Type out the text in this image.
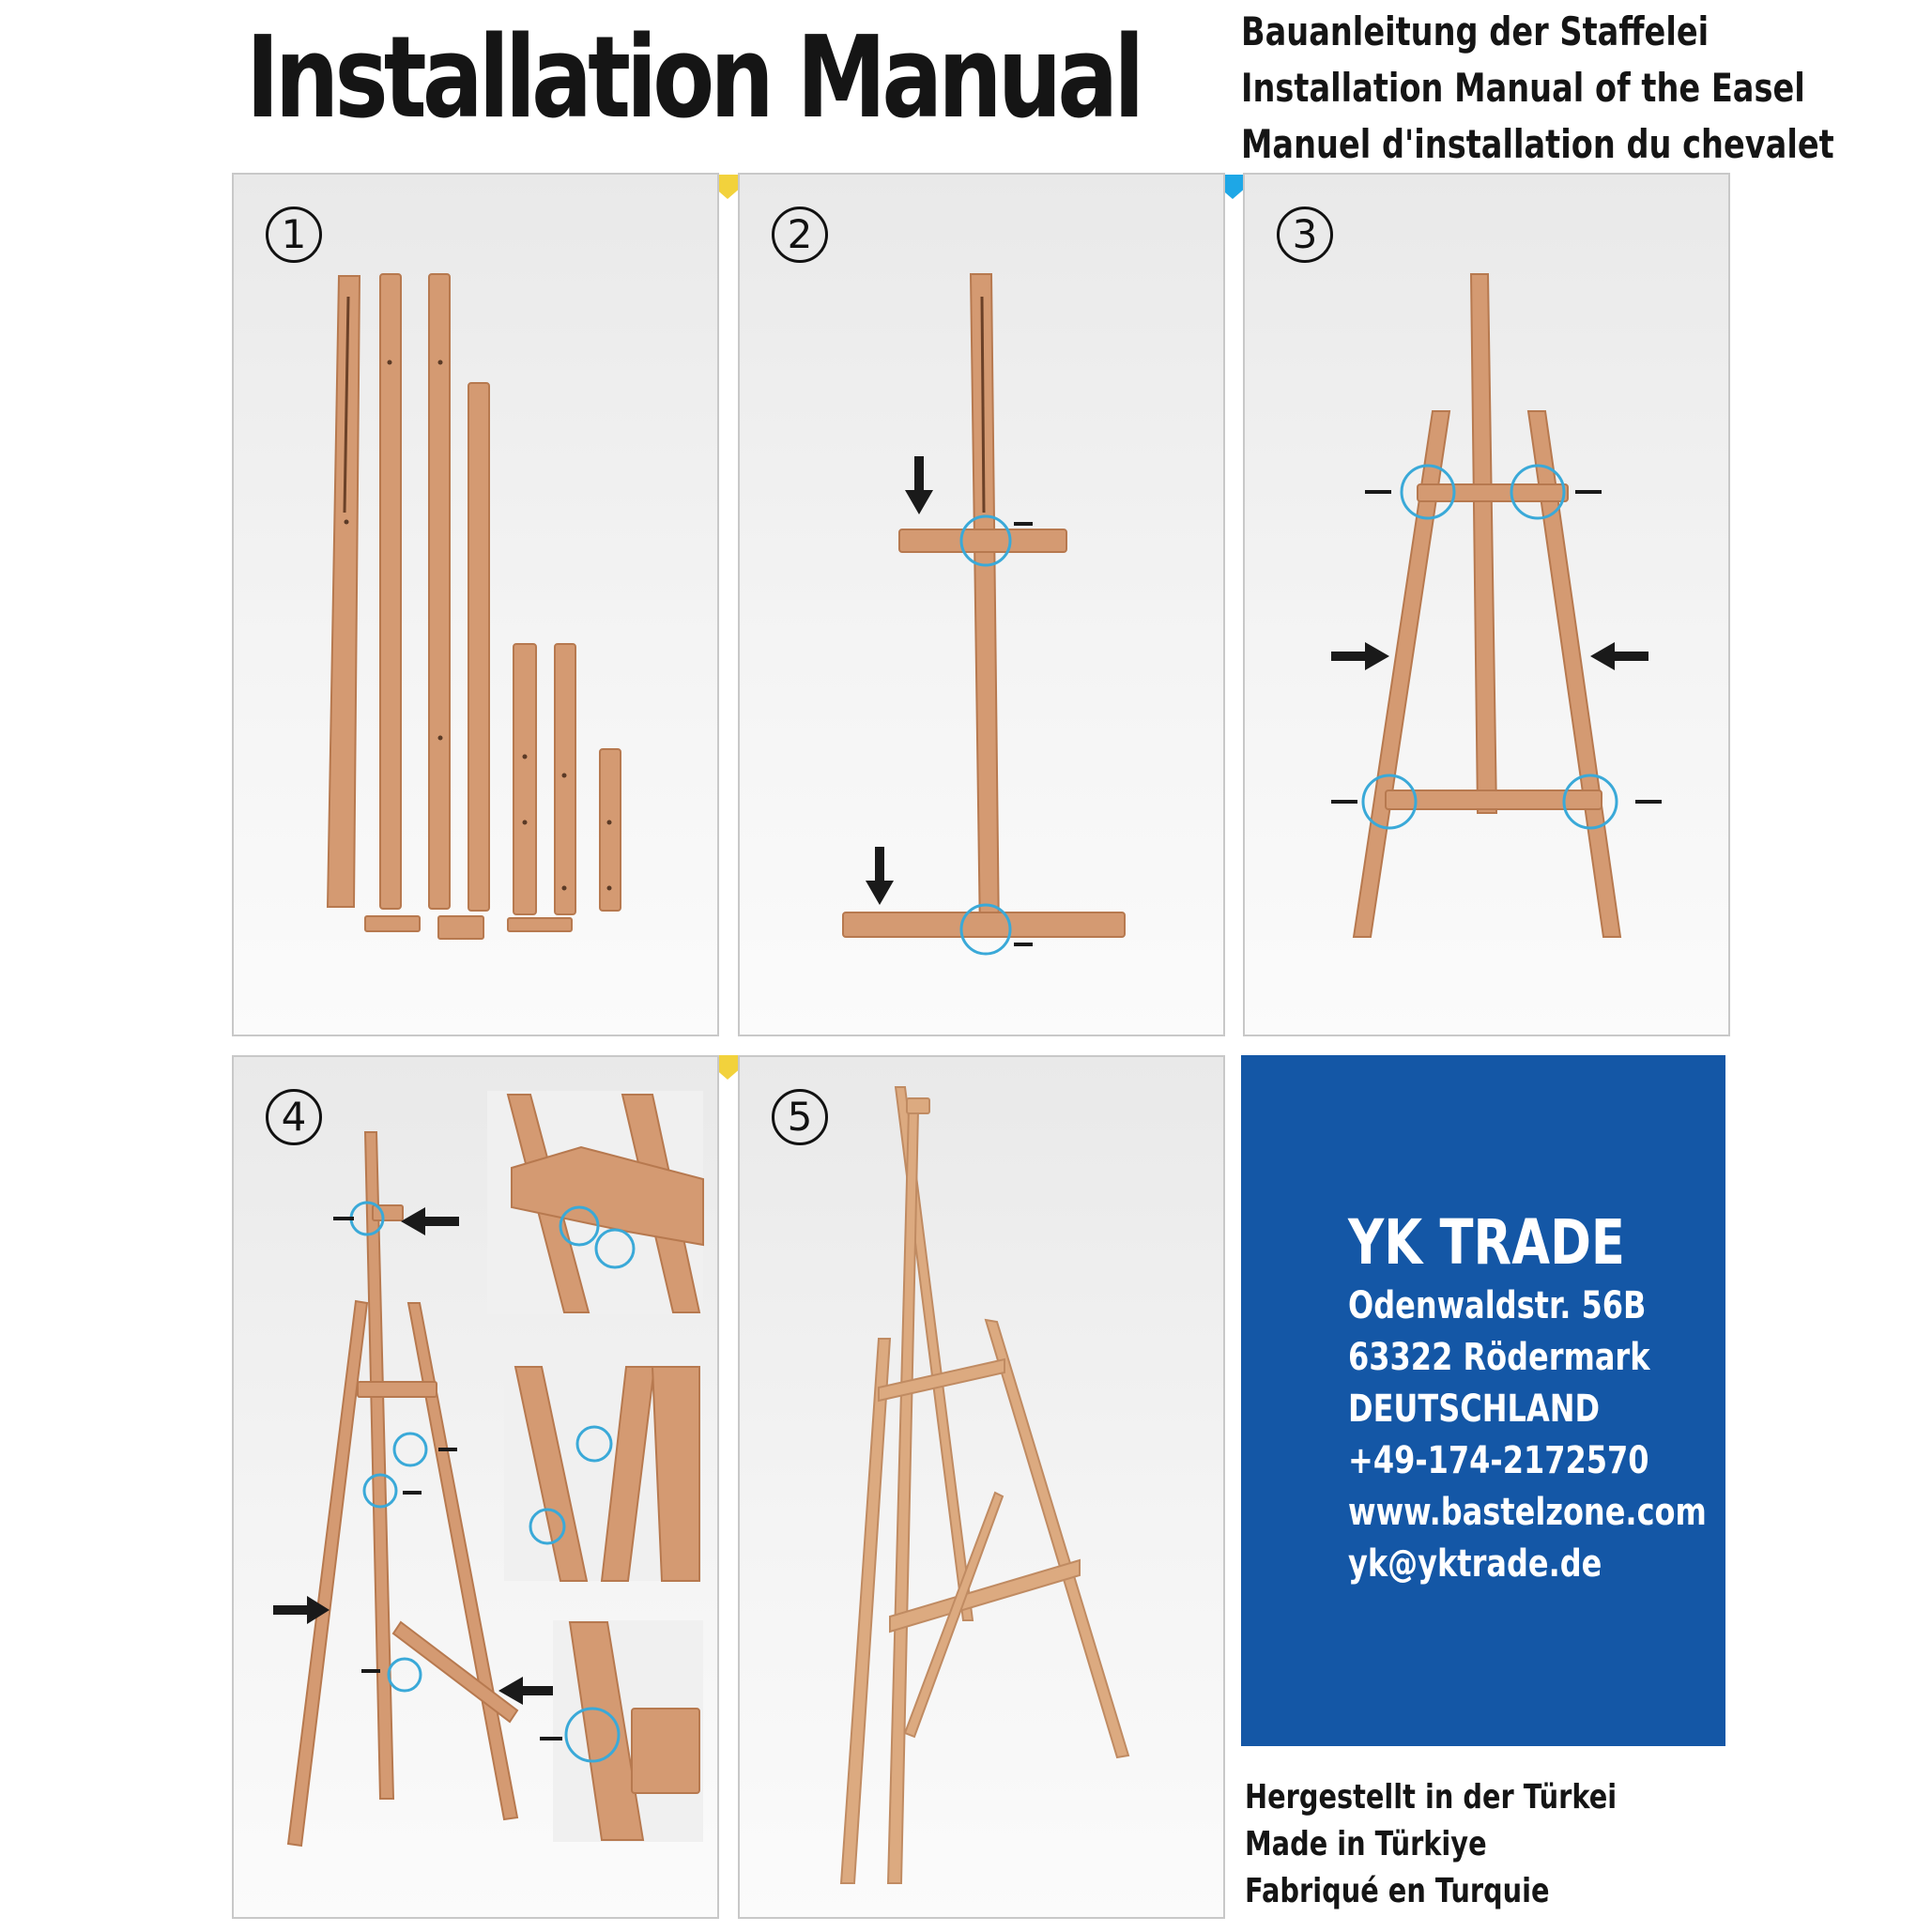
Installation Manual	Bauanleitung der Staffelei
Installation Manual of the Easel
Manuel d'installation du chevalet
1	2	3
4	5
YK TRADE
Odenwaldstr. 56B
63322 Rödermark
DEUTSCHLAND
+49-174-2172570
www.bastelzone.com
yk@yktrade.de
Hergestellt in der Türkei
Made in Türkiye
Fabriqué en Turquie
